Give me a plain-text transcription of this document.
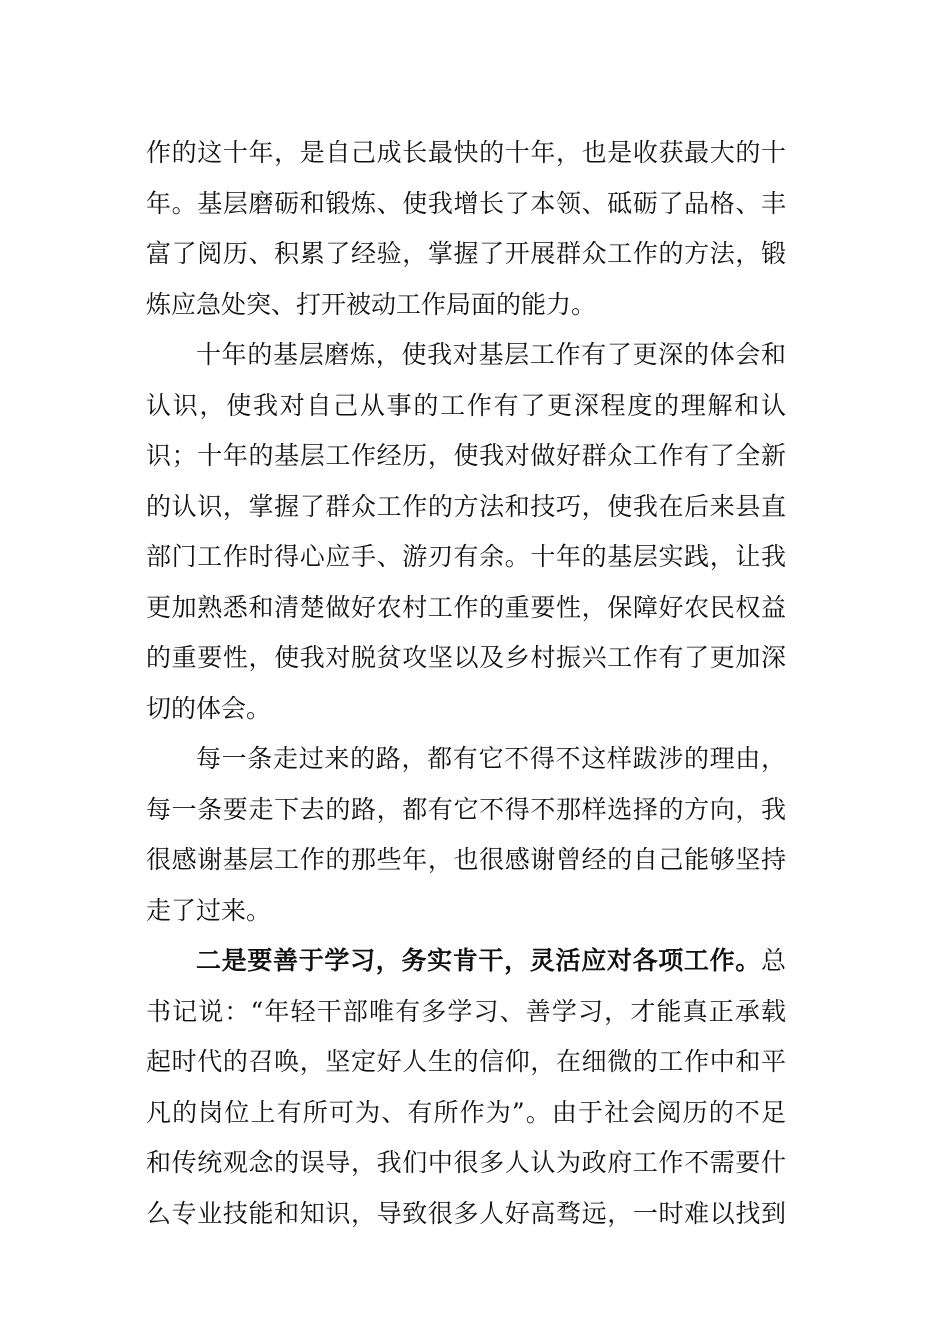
作的这十年，是自己成长最快的十年，也是收获最大的十
年。基层磨砺和锻炼、使我增长了本领、砥砺了品格、丰
富了阅历、积累了经验，掌握了开展群众工作的方法，锻
炼应急处突、打开被动工作局面的能力。
十年的基层磨炼，使我对基层工作有了更深的体会和
认识，使我对自己从事的工作有了更深程度的理解和认
识；十年的基层工作经历，使我对做好群众工作有了全新
的认识，掌握了群众工作的方法和技巧，使我在后来县直
部门工作时得心应手、游刃有余。十年的基层实践，让我
更加熟悉和清楚做好农村工作的重要性，保障好农民权益
的重要性，使我对脱贫攻坚以及乡村振兴工作有了更加深
切的体会。
每一条走过来的路，都有它不得不这样跋涉的理由，
每一条要走下去的路，都有它不得不那样选择的方向，我
很感谢基层工作的那些年，也很感谢曾经的自己能够坚持
走了过来。
二是要善于学习，务实肯干，灵活应对各项工作。总
书记说：“年轻干部唯有多学习、善学习，才能真正承载
起时代的召唤，坚定好人生的信仰，在细微的工作中和平
凡的岗位上有所可为、有所作为”。由于社会阅历的不足
和传统观念的误导，我们中很多人认为政府工作不需要什
么专业技能和知识，导致很多人好高骛远，一时难以找到
